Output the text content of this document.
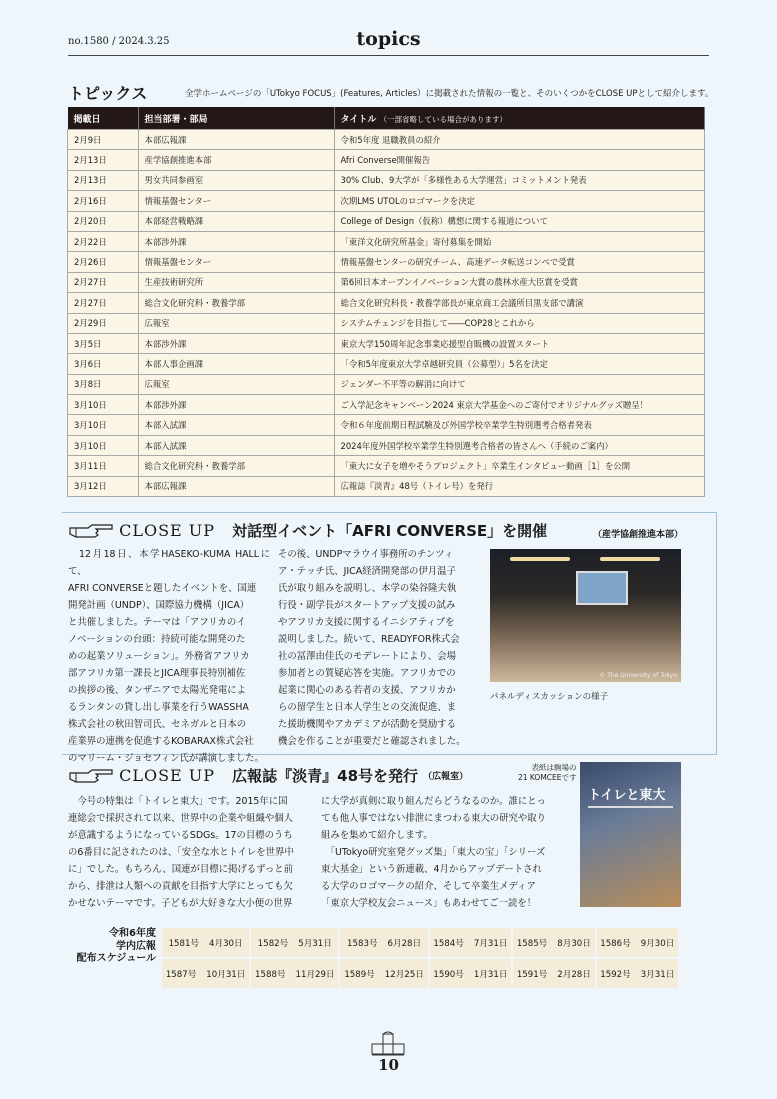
no.1580 / 2024.3.25	topics
トピックス	全学ホームページの「UTokyo FOCUS」(Features, Articles）に掲載された情報の一覧と、そのいくつかをCLOSE UPとして紹介します。
掲載日	担当部署・部局	タイトル （一部省略している場合があります）
2月9日	本部広報課	令和5年度 退職教員の紹介
2月13日	産学協創推進本部	Afri Converse開催報告
2月13日	男女共同参画室	30% Club、9大学が「多様性ある大学運営」コミットメント発表
2月16日	情報基盤センター	次期LMS UTOLのロゴマークを決定
2月20日	本部経営戦略課	College of Design（仮称）構想に関する報道について
2月22日	本部渉外課	「東洋文化研究所基金」寄付募集を開始
2月26日	情報基盤センター	情報基盤センターの研究チーム、高速データ転送コンペで受賞
2月27日	生産技術研究所	第6回日本オープンイノベーション大賞の農林水産大臣賞を受賞
2月27日	総合文化研究科・教養学部	総合文化研究科長・教養学部長が東京商工会議所目黒支部で講演
2月29日	広報室	システムチェンジを目指して――COP28とこれから
3月5日	本部渉外課	東京大学150周年記念事業応援型自販機の設置スタート
3月6日	本部人事企画課	「令和5年度東京大学卓越研究員（公募型）」5名を決定
3月8日	広報室	ジェンダー不平等の解消に向けて
3月10日	本部渉外課	ご入学記念キャンペーン2024 東京大学基金へのご寄付でオリジナルグッズ贈呈！
3月10日	本部入試課	令和６年度前期日程試験及び外国学校卒業学生特別選考合格者発表
3月10日	本部入試課	2024年度外国学校卒業学生特別選考合格者の皆さんへ（手続のご案内）
3月11日	総合文化研究科・教養学部	「東大に女子を増やそうプロジェクト」卒業生インタビュー動画［1］を公開
3月12日	本部広報課	広報誌『淡青』48号（トイレ号）を発行
CLOSE UP 対話型イベント「AFRI CONVERSE」を開催	（産学協創推進本部）
　12月18日、本学HASEKO-KUMA HALLにて、
AFRI CONVERSEと題したイベントを、国連
開発計画（UNDP）、国際協力機構（JICA）
と共催しました。テーマは「アフリカのイ
ノベーションの台頭：持続可能な開発のた
めの起業ソリューション」。外務省アフリカ
部アフリカ第一課長とJICA理事長特別補佐
の挨拶の後、タンザニアで太陽光発電によ
るランタンの貸し出し事業を行うWASSHA
株式会社の秋田智司氏、セネガルと日本の
産業界の連携を促進するKOBARAX株式会社
のマリーム・ジョセフィン氏が講演しました。
その後、UNDPマラウイ事務所のチンツィ
ア・テッチ氏、JICA経済開発部の伊月温子
氏が取り組みを説明し、本学の染谷隆夫執
行役・副学長がスタートアップ支援の試み
やアフリカ支援に関するイニシアティブを
説明しました。続いて、READYFOR株式会
社の冨澤由佳氏のモデレートにより、会場
参加者との質疑応答を実施。アフリカでの
起業に関心のある若者の支援、アフリカか
らの留学生と日本人学生との交流促進、ま
た援助機関やアカデミアが活動を奨励する
機会を作ることが重要だと確認されました。
© The University of Tokyo
パネルディスカッションの様子
CLOSE UP 広報誌『淡青』48号を発行 （広報室）
表紙は駒場の
21 KOMCEEです
トイレと東大
　今号の特集は「トイレと東大」です。2015年に国
連総会で採択されて以来、世界中の企業や組織や個人
が意識するようになっているSDGs。17の目標のうち
の6番目に記されたのは、「安全な水とトイレを世界中
に」でした。もちろん、国連が目標に掲げるずっと前
から、排泄は人類への貢献を目指す大学にとっても欠
かせないテーマです。子どもが大好きな大小便の世界
に大学が真剣に取り組んだらどうなるのか。誰にとっ
ても他人事ではない排泄にまつわる東大の研究や取り
組みを集めて紹介します。
　「UTokyo研究室発グッズ集」「東大の宝」「シリーズ
東大基金」という新連載、4月からアップデートされ
る大学のロゴマークの紹介、そして卒業生メディア
「東京大学校友会ニュース」もあわせてご一読を！
令和6年度
学内広報
配布スケジュール
1581号 4月30日	1582号 5月31日	1583号 6月28日	1584号 7月31日	1585号 8月30日	1586号 9月30日
1587号 10月31日	1588号 11月29日	1589号 12月25日	1590号 1月31日	1591号 2月28日	1592号 3月31日
10
